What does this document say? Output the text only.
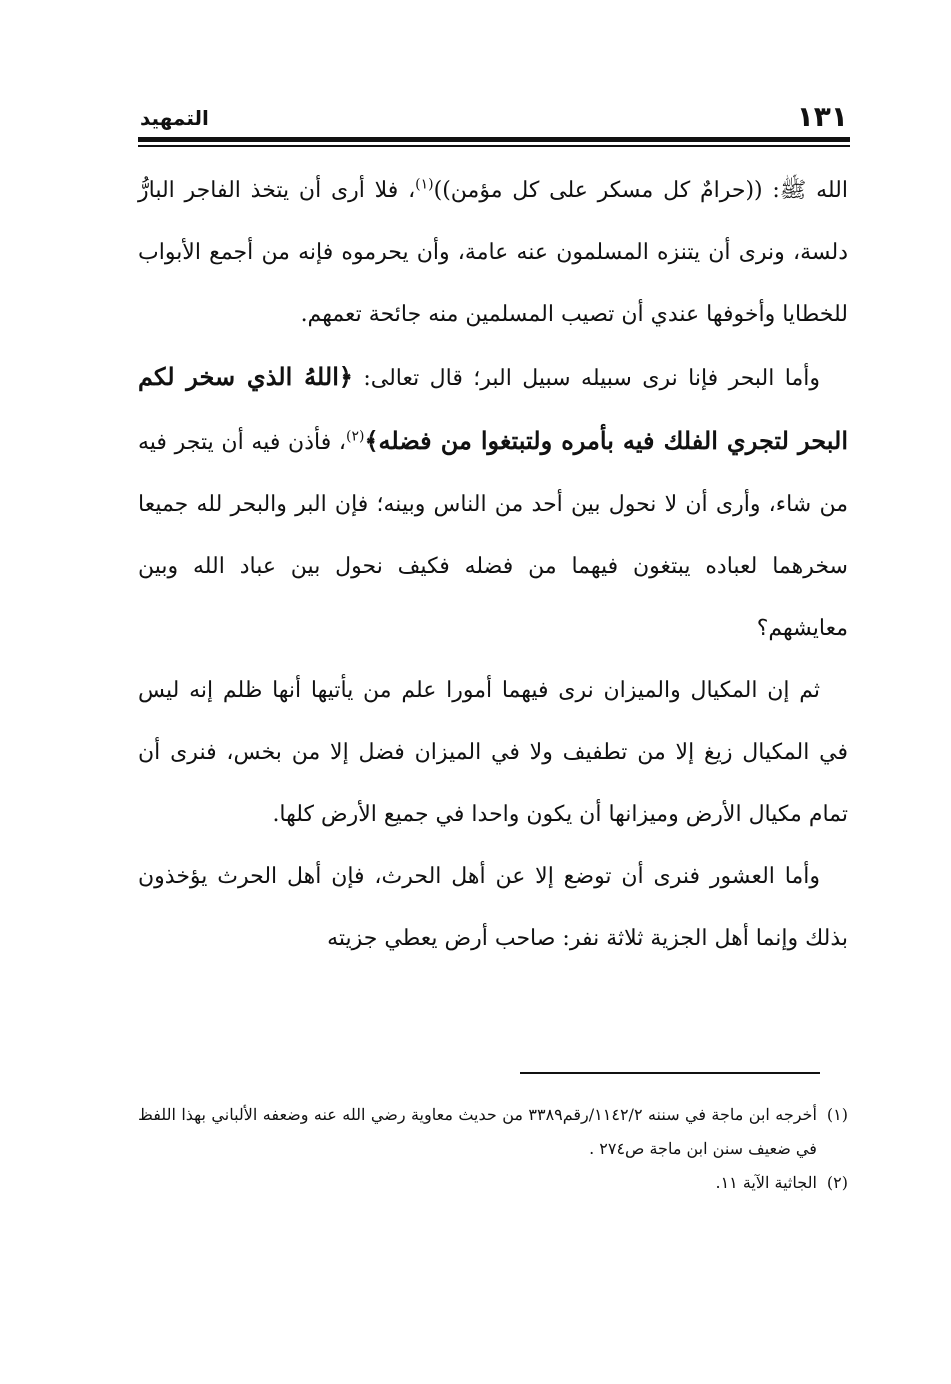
١٣١
التمهيد

الله ﷺ: ((حرامٌ كل مسكر على كل مؤمن))$^{(١)}$، فلا أرى أن يتخذ الفاجر البارُّ دلسة، ونرى أن يتنزه المسلمون عنه عامة، وأن يحرموه فإنه من أجمع الأبواب للخطايا وأخوفها عندي أن تصيب المسلمين منه جائحة تعمهم.

وأما البحر فإنا نرى سبيله سبيل البر؛ قال تعالى: ﴿اللهُ الذي سخر لكم البحر لتجري الفلك فيه بأمره ولتبتغوا من فضله﴾$^{(٢)}$، فأذن فيه أن يتجر فيه من شاء، وأرى أن لا نحول بين أحد من الناس وبينه؛ فإن البر والبحر لله جميعا سخرهما لعباده يبتغون فيهما من فضله فكيف نحول بين عباد الله وبين معايشهم؟

ثم إن المكيال والميزان نرى فيهما أمورا علم من يأتيها أنها ظلم إنه ليس في المكيال زيغ إلا من تطفيف ولا في الميزان فضل إلا من بخس، فنرى أن تمام مكيال الأرض وميزانها أن يكون واحدا في جميع الأرض كلها.

وأما العشور فنرى أن توضع إلا عن أهل الحرث، فإن أهل الحرث يؤخذون بذلك وإنما أهل الجزية ثلاثة نفر: صاحب أرض يعطي جزيته

(١)
أخرجه ابن ماجة في سننه ١١٤٢/٢/رقم٣٣٨٩ من حديث معاوية رضي الله عنه وضعفه الألباني بهذا اللفظ في ضعيف سنن ابن ماجة ص٢٧٤ .
(٢)
الجاثية الآية ١١.
